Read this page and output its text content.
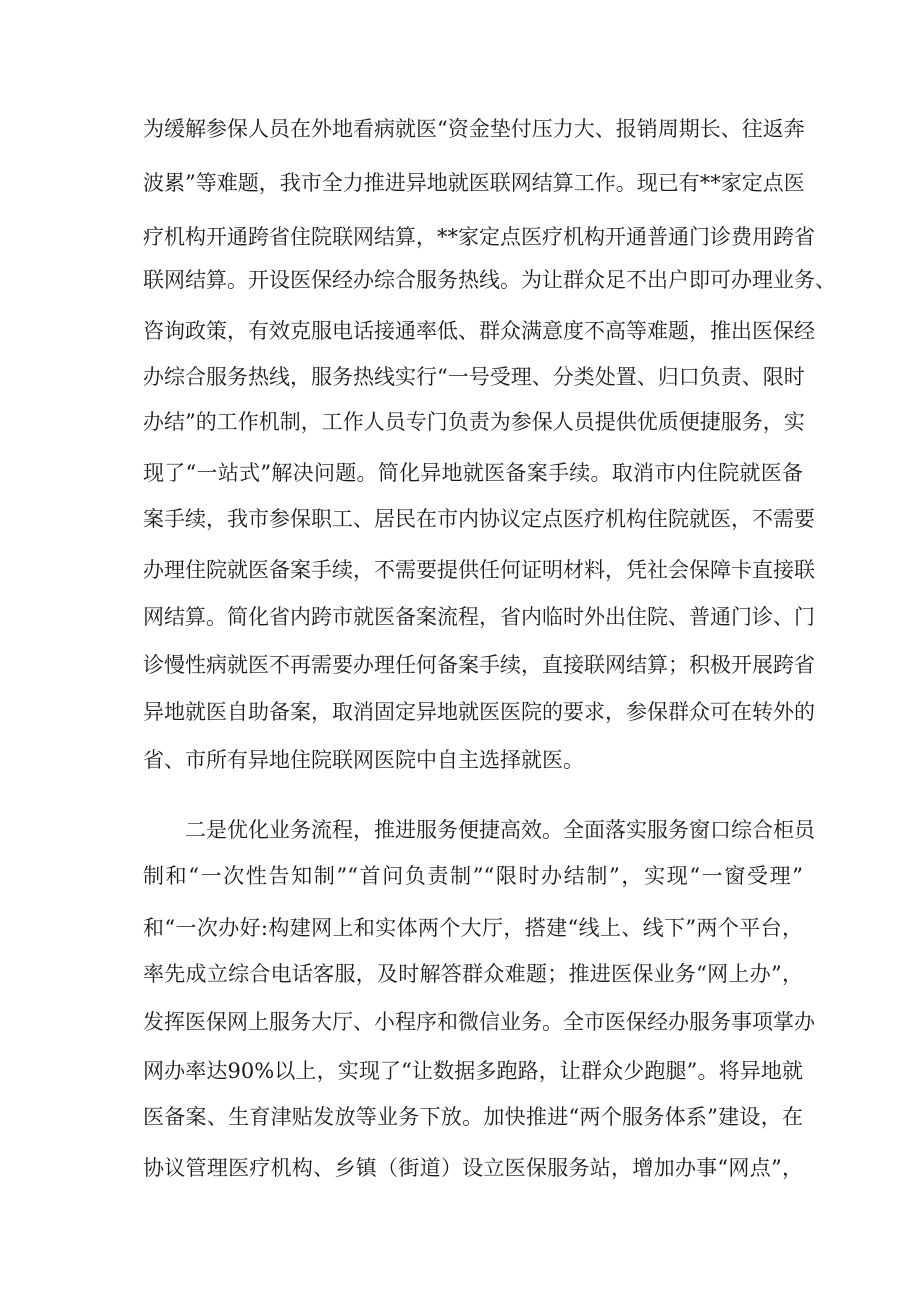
为缓解参保人员在外地看病就医“资金垫付压力大、报销周期长、往返奔
波累”等难题，我市全力推进异地就医联网结算工作。现已有**家定点医
疗机构开通跨省住院联网结算，**家定点医疗机构开通普通门诊费用跨省
联网结算。开设医保经办综合服务热线。为让群众足不出户即可办理业务、
咨询政策，有效克服电话接通率低、群众满意度不高等难题，推出医保经
办综合服务热线，服务热线实行“一号受理、分类处置、归口负责、限时
办结”的工作机制，工作人员专门负责为参保人员提供优质便捷服务，实
现了“一站式”解决问题。简化异地就医备案手续。取消市内住院就医备
案手续，我市参保职工、居民在市内协议定点医疗机构住院就医，不需要
办理住院就医备案手续，不需要提供任何证明材料，凭社会保障卡直接联
网结算。简化省内跨市就医备案流程，省内临时外出住院、普通门诊、门
诊慢性病就医不再需要办理任何备案手续，直接联网结算；积极开展跨省
异地就医自助备案，取消固定异地就医医院的要求，参保群众可在转外的
省、市所有异地住院联网医院中自主选择就医。
二是优化业务流程，推进服务便捷高效。全面落实服务窗口综合柜员
制和“一次性告知制”“首问负责制”“限时办结制”，实现“一窗受理”
和“一次办好:构建网上和实体两个大厅，搭建“线上、线下”两个平台，
率先成立综合电话客服，及时解答群众难题；推进医保业务“网上办”，
发挥医保网上服务大厅、小程序和微信业务。全市医保经办服务事项掌办
网办率达90%以上，实现了“让数据多跑路，让群众少跑腿”。将异地就
医备案、生育津贴发放等业务下放。加快推进“两个服务体系”建设，在
协议管理医疗机构、乡镇（街道）设立医保服务站，增加办事“网点”，
